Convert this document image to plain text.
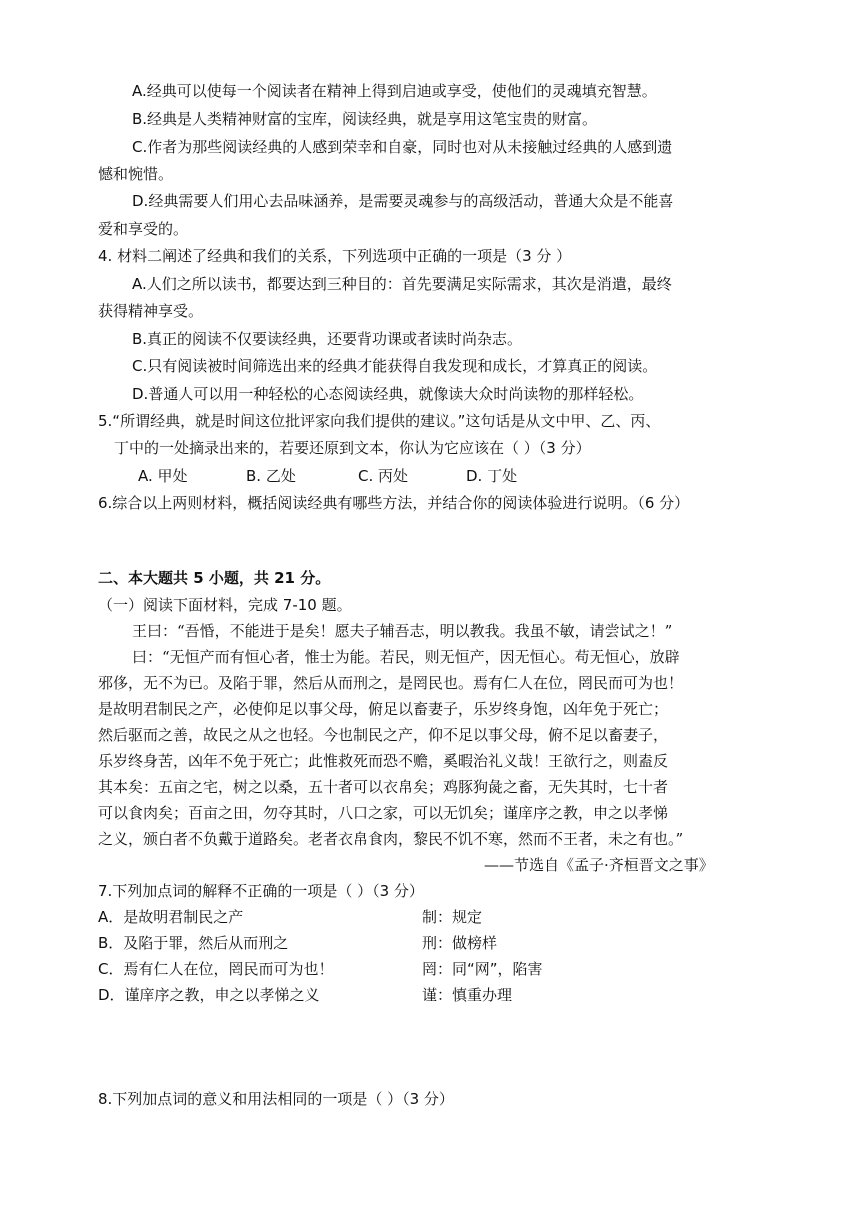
A.经典可以使每一个阅读者在精神上得到启迪或享受，使他们的灵魂填充智慧。
B.经典是人类精神财富的宝库，阅读经典，就是享用这笔宝贵的财富。
C.作者为那些阅读经典的人感到荣幸和自豪，同时也对从未接触过经典的人感到遗
憾和惋惜。
D.经典需要人们用心去品味涵养，是需要灵魂参与的高级活动，普通大众是不能喜
爱和享受的。
4. 材料二阐述了经典和我们的关系，下列选项中正确的一项是（3 分 ）
A.人们之所以读书，都要达到三种目的：首先要满足实际需求，其次是消遣，最终
获得精神享受。
B.真正的阅读不仅要读经典，还要背功课或者读时尚杂志。
C.只有阅读被时间筛选出来的经典才能获得自我发现和成长，才算真正的阅读。
D.普通人可以用一种轻松的心态阅读经典，就像读大众时尚读物的那样轻松。
5.“所谓经典，就是时间这位批评家向我们提供的建议。”这句话是从文中甲、乙、丙、
丁中的一处摘录出来的，若要还原到文本，你认为它应该在（ ）（3 分）
A. 甲处	B. 乙处	C. 丙处	D. 丁处
6.综合以上两则材料，概括阅读经典有哪些方法，并结合你的阅读体验进行说明。（6 分）
二、本大题共 5 小题，共 21 分。
（一）阅读下面材料，完成 7-10 题。
王曰：“吾惛，不能进于是矣！愿夫子辅吾志，明以教我。我虽不敏，请尝试之！”
曰：“无恒产而有恒心者，惟士为能。若民，则无恒产，因无恒心。苟无恒心，放辟
邪侈，无不为已。及陷于罪，然后从而刑之，是罔民也。焉有仁人在位，罔民而可为也！
是故明君制民之产，必使仰足以事父母，俯足以畜妻子，乐岁终身饱，凶年免于死亡；
然后驱而之善，故民之从之也轻。今也制民之产，仰不足以事父母，俯不足以畜妻子，
乐岁终身苦，凶年不免于死亡；此惟救死而恐不赡，奚暇治礼义哉！王欲行之，则盍反
其本矣：五亩之宅，树之以桑，五十者可以衣帛矣；鸡豚狗彘之畜，无失其时，七十者
可以食肉矣；百亩之田，勿夺其时，八口之家，可以无饥矣；谨庠序之教，申之以孝悌
之义，颁白者不负戴于道路矣。老者衣帛食肉，黎民不饥不寒，然而不王者，未之有也。”
——节选自《孟子·齐桓晋文之事》
7.下列加点词的解释不正确的一项是（ ）（3 分）
A．是故明君制民之产	制：规定
B．及陷于罪，然后从而刑之	刑：做榜样
C．焉有仁人在位，罔民而可为也！	罔：同“网”，陷害
D．谨庠序之教，申之以孝悌之义	谨：慎重办理
8.下列加点词的意义和用法相同的一项是（ ）（3 分）
